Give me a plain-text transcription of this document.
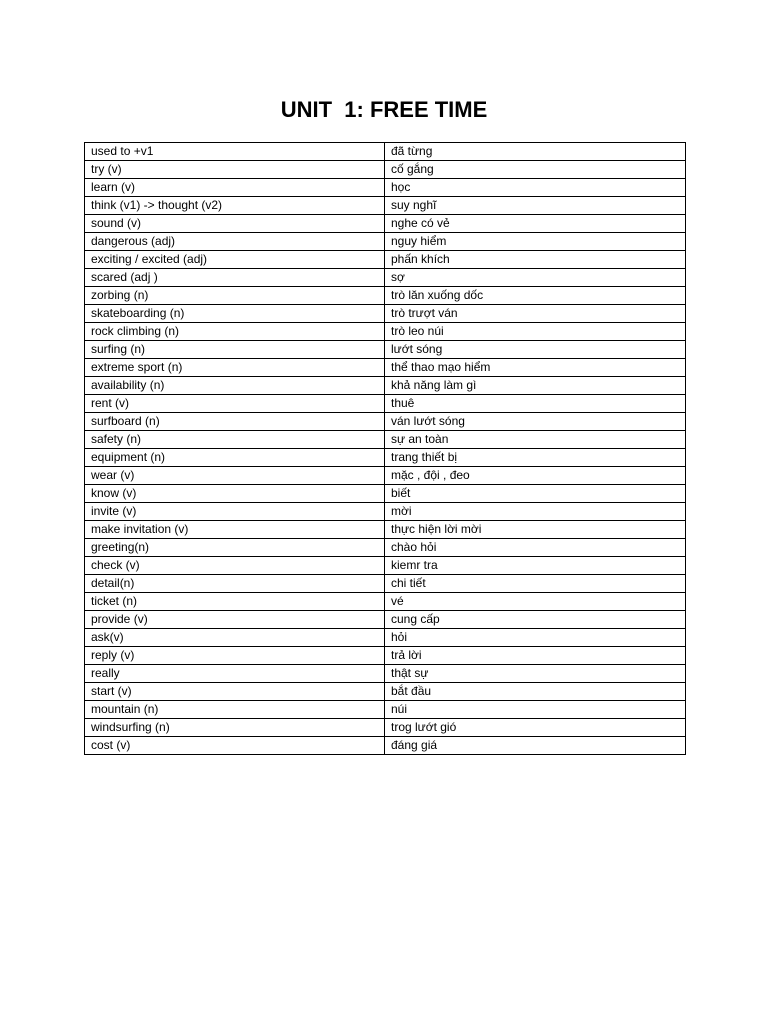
UNIT  1: FREE TIME
used to +v1	đã từng
try (v)	cố gắng
learn (v)	học
think (v1) -> thought (v2)	suy nghĩ
sound (v)	nghe có vẻ
dangerous (adj)	nguy hiểm
exciting / excited (adj)	phấn khích
scared (adj )	sợ
zorbing (n)	trò lăn xuống dốc
skateboarding (n)	trò trượt ván
rock climbing (n)	trò leo núi
surfing (n)	lướt sóng
extreme sport (n)	thể thao mạo hiểm
availability (n)	khả năng làm gì
rent (v)	thuê
surfboard (n)	ván lướt sóng
safety (n)	sự an toàn
equipment (n)	trang thiết bị
wear (v)	mặc , đội , đeo
know (v)	biết
invite (v)	mời
make invitation (v)	thực hiện lời mời
greeting(n)	chào hỏi
check (v)	kiemr tra
detail(n)	chi tiết
ticket (n)	vé
provide (v)	cung cấp
ask(v)	hỏi
reply (v)	trả lời
really	thật sự
start (v)	bắt đầu
mountain (n)	núi
windsurfing (n)	trog lướt gió
cost (v)	đáng giá
